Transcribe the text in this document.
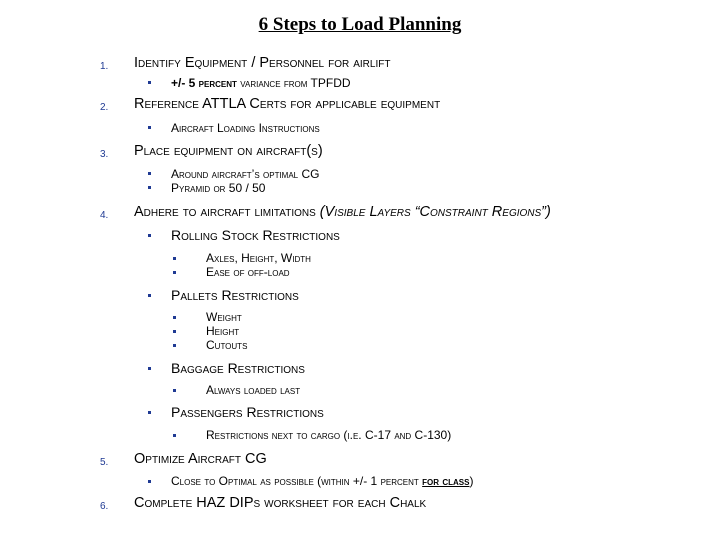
6 Steps to Load Planning
1. Identify Equipment / Personnel for airlift
+/- 5 percent variance from TPFDD
2. Reference ATTLA Certs for applicable equipment
Aircraft Loading Instructions
3. Place equipment on aircraft(s)
Around aircraft’s optimal CG
Pyramid or 50 / 50
4. Adhere to aircraft limitations (Visible Layers “Constraint Regions”)
Rolling Stock Restrictions
Axles, Height, Width
Ease of off-load
Pallets Restrictions
Weight
Height
Cutouts
Baggage Restrictions
Always loaded last
Passengers Restrictions
Restrictions next to cargo (i.e. C-17 and C-130)
5. Optimize Aircraft CG
Close to Optimal as possible (within +/- 1 percent for class)
6. Complete HAZ DIPs worksheet for each Chalk
